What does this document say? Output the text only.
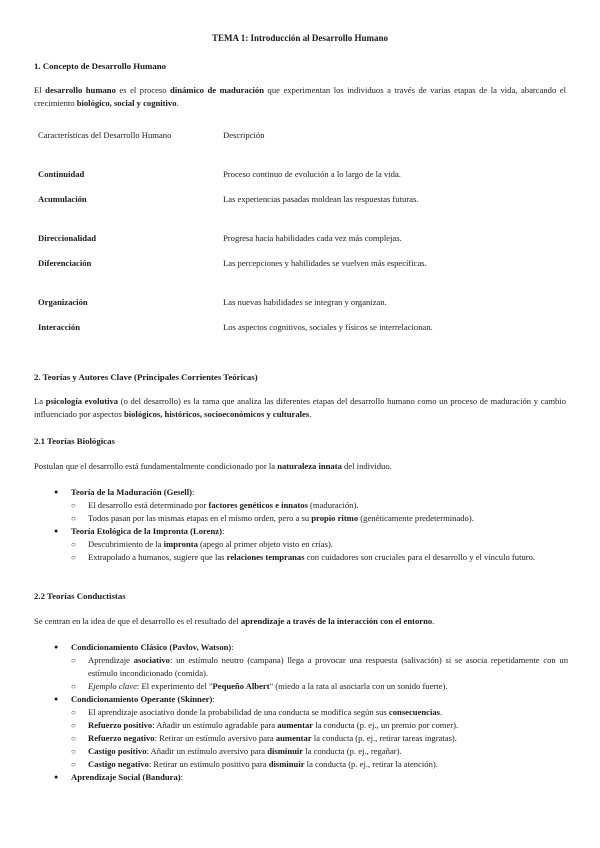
TEMA 1: Introducción al Desarrollo Humano
1. Concepto de Desarrollo Humano
El desarrollo humano es el proceso dinámico de maduración que experimentan los individuos a través de varias etapas de la vida, abarcando el crecimiento biológico, social y cognitivo.
Características del Desarrollo Humano	Descripción
Continuidad	Proceso continuo de evolución a lo largo de la vida.
Acumulación	Las experiencias pasadas moldean las respuestas futuras.
Direccionalidad	Progresa hacia habilidades cada vez más complejas.
Diferenciación	Las percepciones y habilidades se vuelven más específicas.
Organización	Las nuevas habilidades se integran y organizan.
Interacción	Los aspectos cognitivos, sociales y físicos se interrelacionan.
2. Teorías y Autores Clave (Principales Corrientes Teóricas)
La psicología evolutiva (o del desarrollo) es la rama que analiza las diferentes etapas del desarrollo humano como un proceso de maduración y cambio influenciado por aspectos biológicos, históricos, socioeconómicos y culturales.
2.1 Teorías Biológicas
Postulan que el desarrollo está fundamentalmente condicionado por la naturaleza innata del individuo.
● Teoría de la Maduración (Gesell):
○ El desarrollo está determinado por factores genéticos e innatos (maduración).
○ Todos pasan por las mismas etapas en el mismo orden, pero a su propio ritmo (genéticamente predeterminado).
● Teoría Etológica de la Impronta (Lorenz):
○ Descubrimiento de la impronta (apego al primer objeto visto en crías).
○ Extrapolado a humanos, sugiere que las relaciones tempranas con cuidadores son cruciales para el desarrollo y el vínculo futuro.
2.2 Teorías Conductistas
Se centran en la idea de que el desarrollo es el resultado del aprendizaje a través de la interacción con el entorno.
● Condicionamiento Clásico (Pavlov, Watson):
○ Aprendizaje asociativo: un estímulo neutro (campana) llega a provocar una respuesta (salivación) si se asocia repetidamente con un estímulo incondicionado (comida).
○ Ejemplo clave: El experimento del "Pequeño Albert" (miedo a la rata al asociarla con un sonido fuerte).
● Condicionamiento Operante (Skinner):
○ El aprendizaje asociativo donde la probabilidad de una conducta se modifica según sus consecuencias.
○ Refuerzo positivo: Añadir un estímulo agradable para aumentar la conducta (p. ej., un premio por comer).
○ Refuerzo negativo: Retirar un estímulo aversivo para aumentar la conducta (p. ej., retirar tareas ingratas).
○ Castigo positivo: Añadir un estímulo aversivo para disminuir la conducta (p. ej., regañar).
○ Castigo negativo: Retirar un estímulo positivo para disminuir la conducta (p. ej., retirar la atención).
● Aprendizaje Social (Bandura):
